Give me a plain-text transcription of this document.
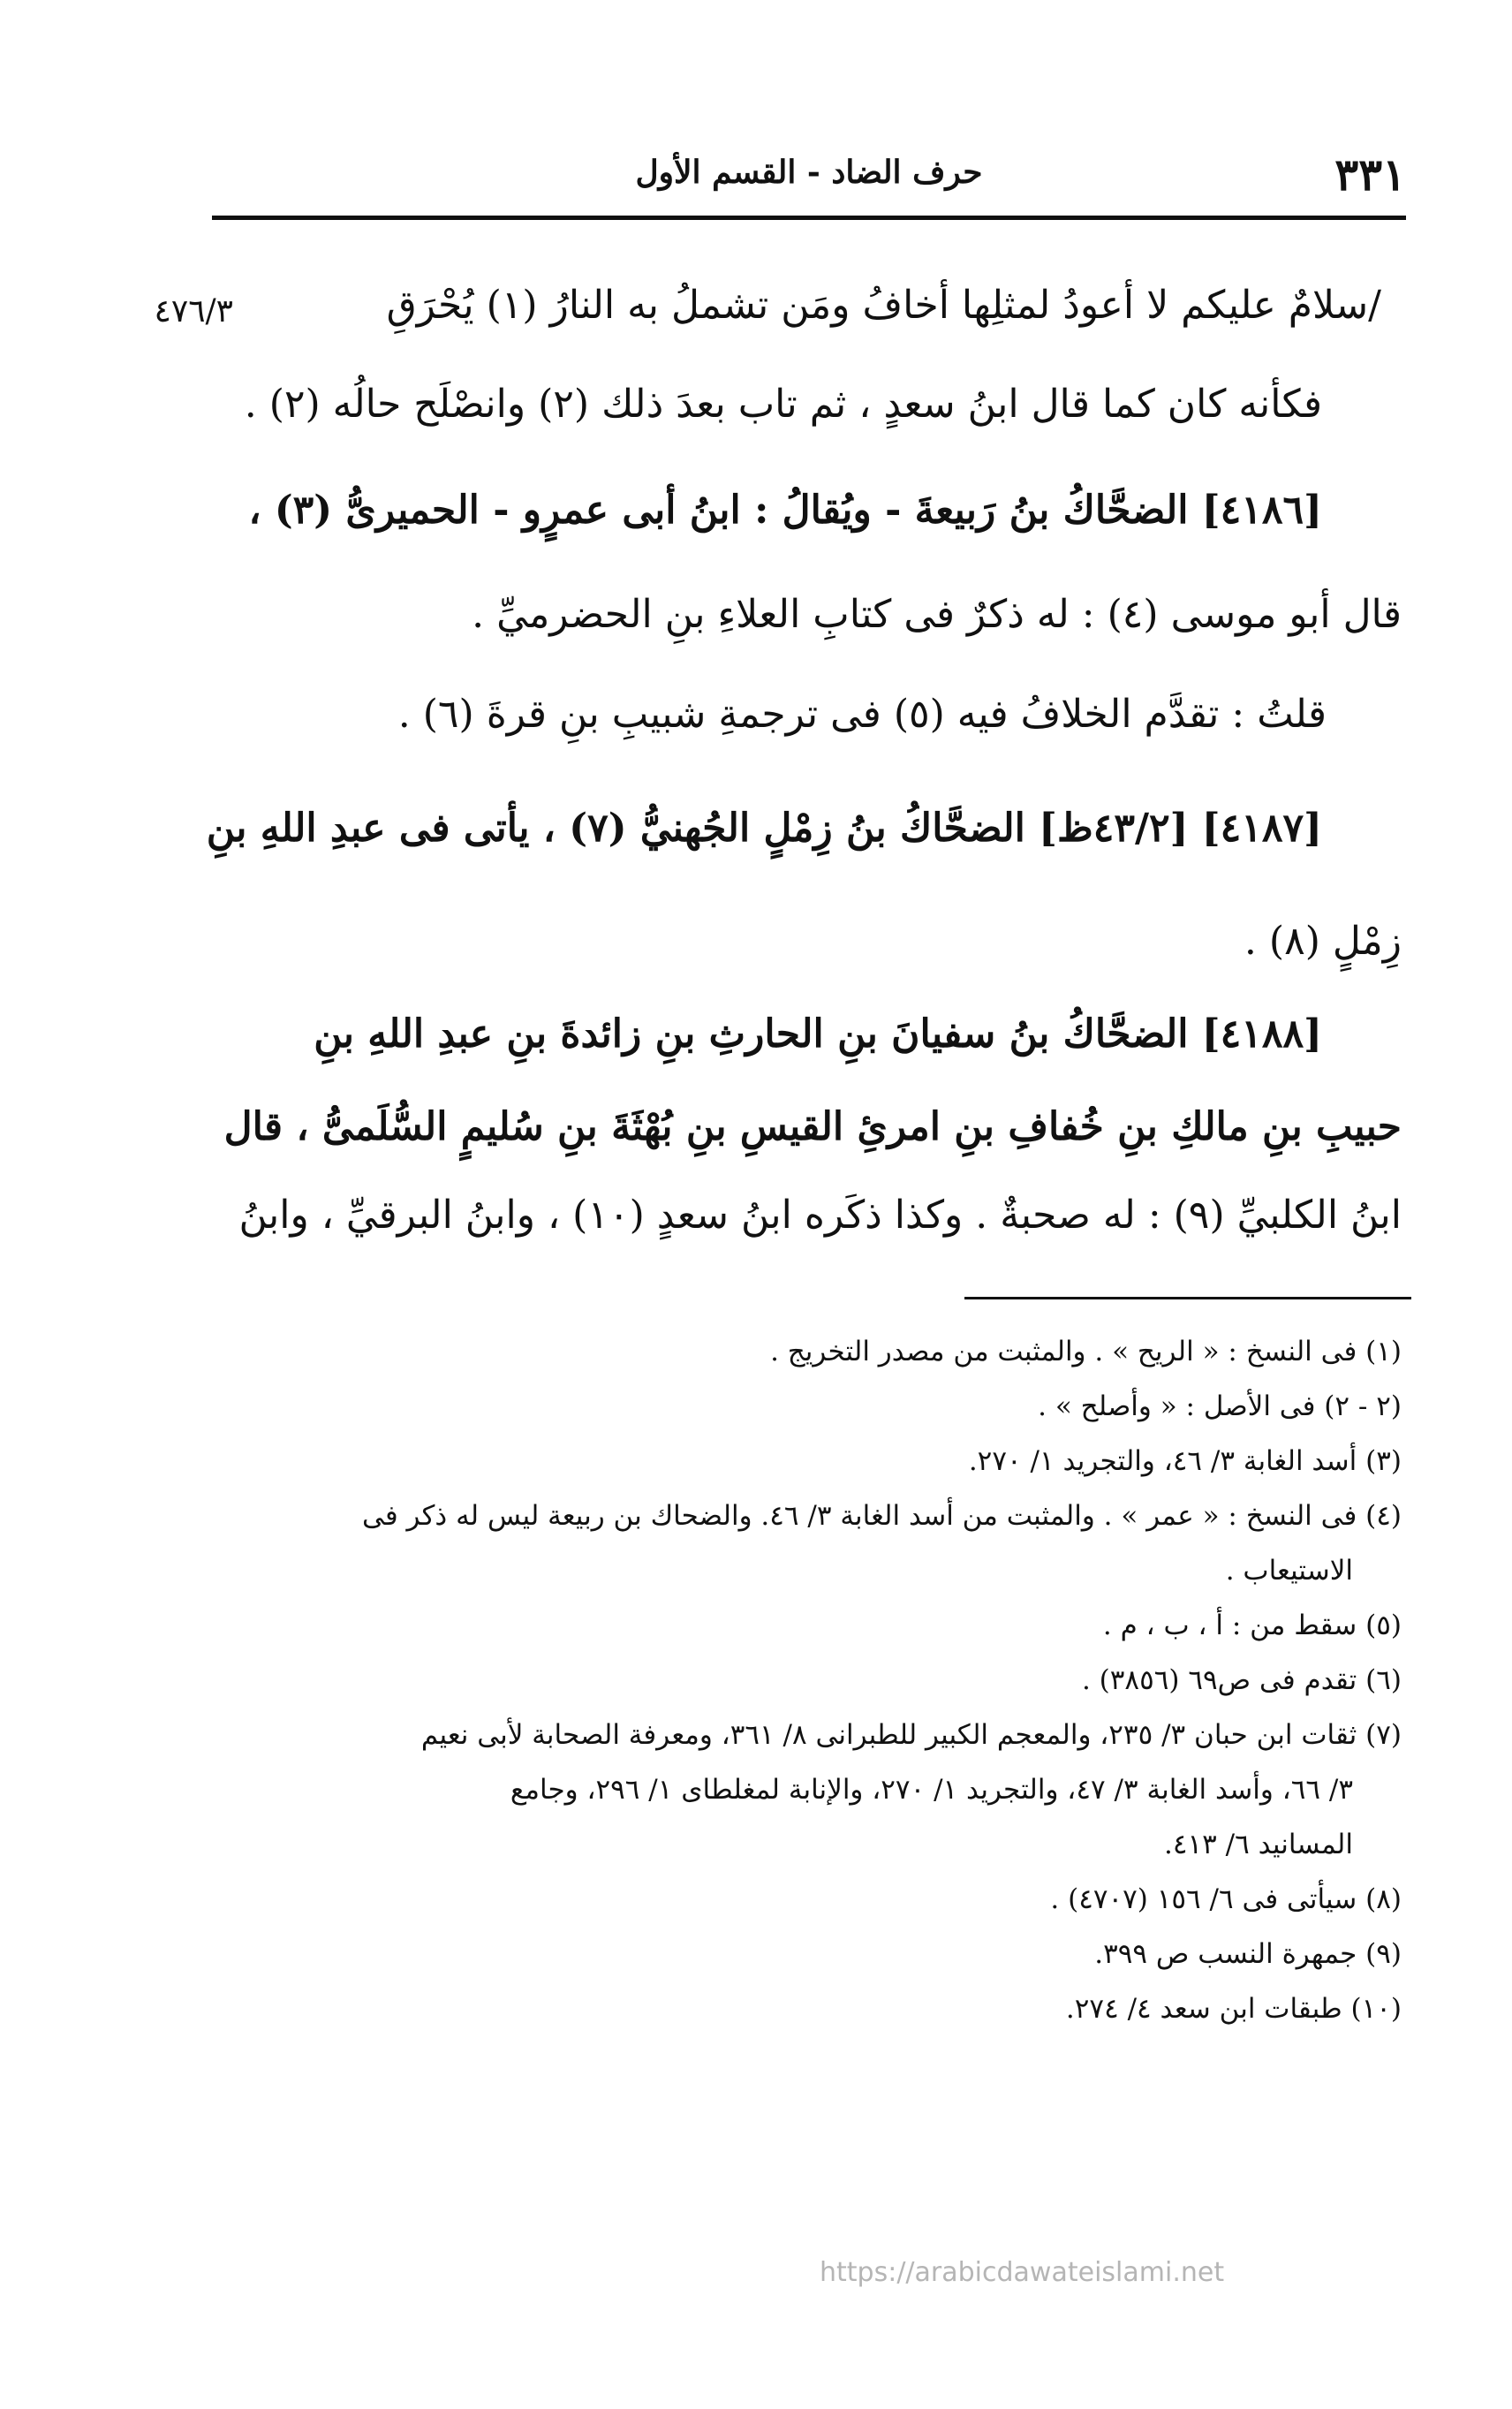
٣٣١
حرف الضاد - القسم الأول
٤٧٦/٣	/سلامٌ عليكم لا أعودُ لمثلِها أخافُ ومَن تشملُ به النارُ (١) يُحْرَقِ
فكأنه كان كما قال ابنُ سعدٍ ، ثم تاب بعدَ ذلك (٢) وانصْلَح حالُه (٢) .
[٤١٨٦] الضحَّاكُ بنُ رَبيعةَ - ويُقالُ : ابنُ أبى عمرٍو - الحميرىُّ (٣) ،
قال أبو موسى (٤) : له ذكرٌ فى كتابِ العلاءِ بنِ الحضرميِّ .
قلتُ : تقدَّم الخلافُ فيه (٥) فى ترجمةِ شبيبِ بنِ قرةَ (٦) .
[٤١٨٧] [٤٣/٢ظ] الضحَّاكُ بنُ زِمْلٍ الجُهنيُّ (٧) ، يأتى فى عبدِ اللهِ بنِ
زِمْلٍ (٨) .
[٤١٨٨] الضحَّاكُ بنُ سفيانَ بنِ الحارثِ بنِ زائدةَ بنِ عبدِ اللهِ بنِ
حبيبِ بنِ مالكِ بنِ خُفافِ بنِ امرئِ القيسِ بنِ بُهْثَةَ بنِ سُليمٍ السُّلَمىُّ ، قال
ابنُ الكلبيِّ (٩) : له صحبةٌ . وكذا ذكَره ابنُ سعدٍ (١٠) ، وابنُ البرقيِّ ، وابنُ
(١) فى النسخ : « الريح » . والمثبت من مصدر التخريج .
(٢ - ٢) فى الأصل : « وأصلح » .
(٣) أسد الغابة ٣/ ٤٦، والتجريد ١/ ٢٧٠.
(٤) فى النسخ : « عمر » . والمثبت من أسد الغابة ٣/ ٤٦. والضحاك بن ربيعة ليس له ذكر فى
الاستيعاب .
(٥) سقط من : أ ، ب ، م .
(٦) تقدم فى ص٦٩ (٣٨٥٦) .
(٧) ثقات ابن حبان ٣/ ٢٣٥، والمعجم الكبير للطبرانى ٨/ ٣٦١، ومعرفة الصحابة لأبى نعيم
٣/ ٦٦، وأسد الغابة ٣/ ٤٧، والتجريد ١/ ٢٧٠، والإنابة لمغلطاى ١/ ٢٩٦، وجامع
المسانيد ٦/ ٤١٣.
(٨) سيأتى فى ٦/ ١٥٦ (٤٧٠٧) .
(٩) جمهرة النسب ص ٣٩٩.
(١٠) طبقات ابن سعد ٤/ ٢٧٤.
https://arabicdawateislami.net
